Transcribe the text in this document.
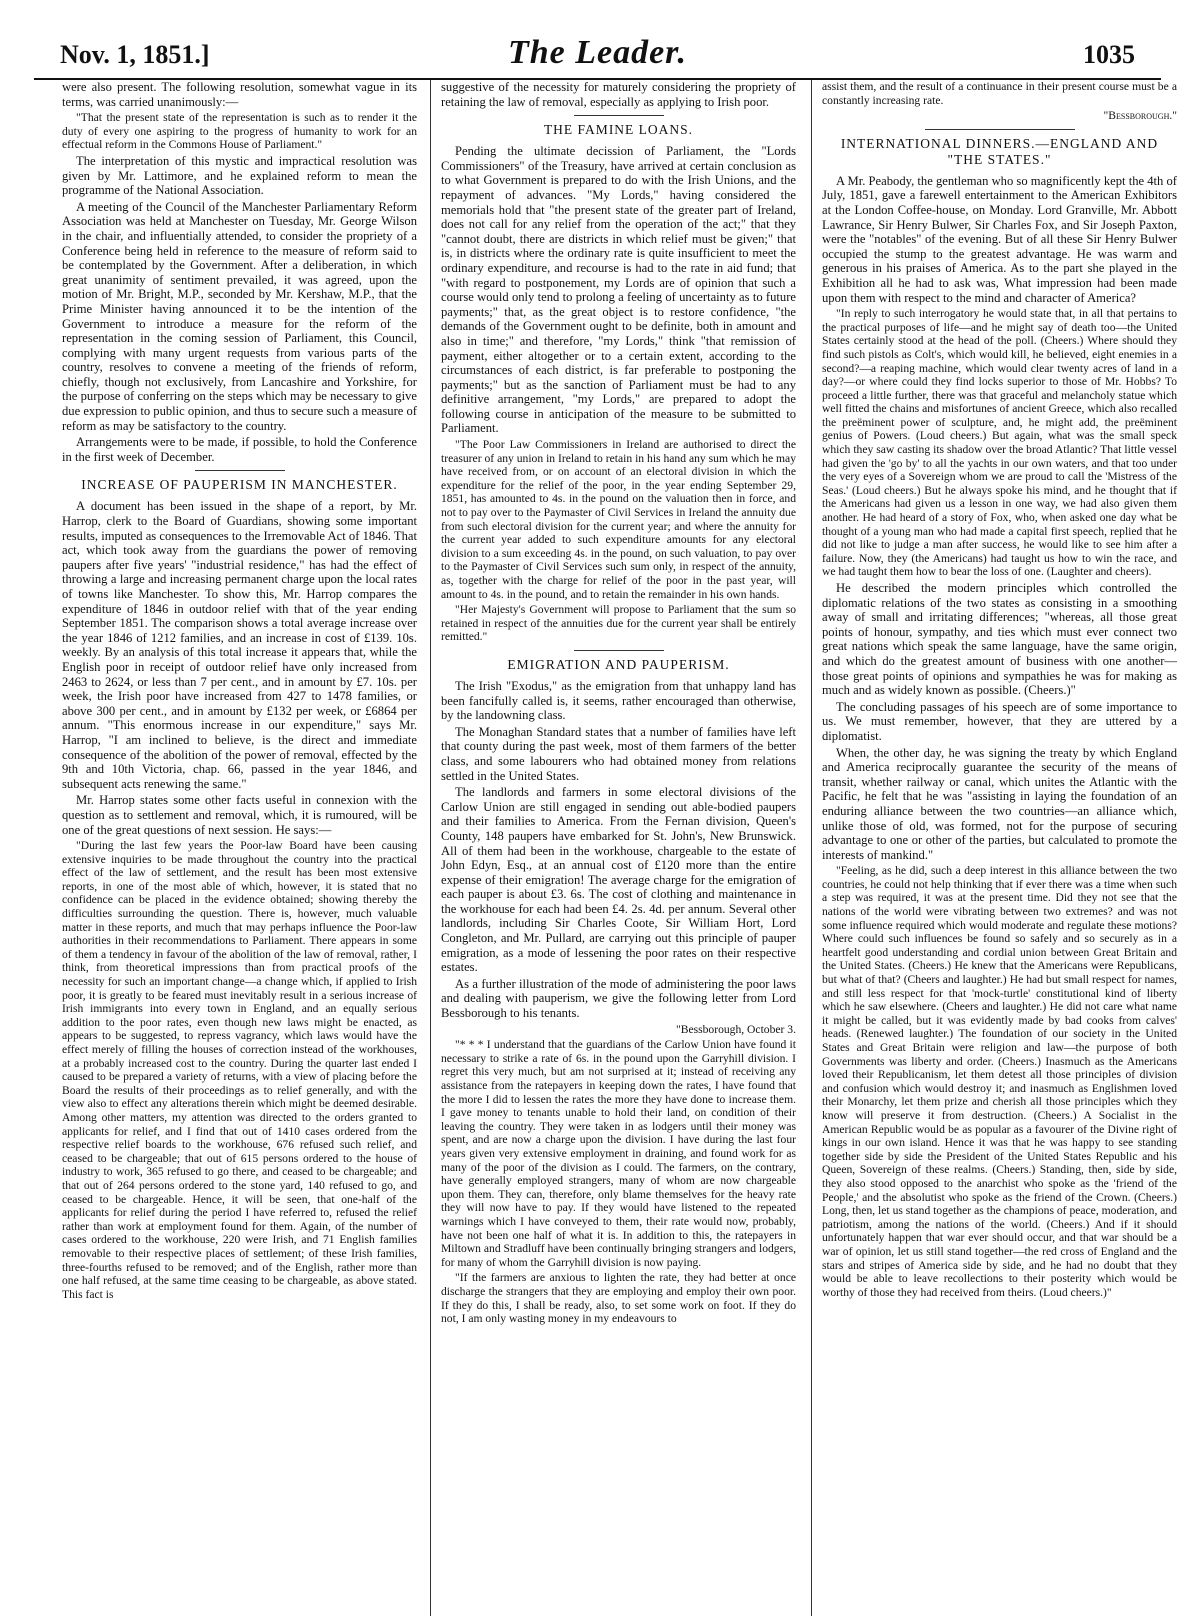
Nov. 1, 1851.]	The Leader.	1035

were also present. The following resolution, somewhat vague in its terms, was carried unanimously:—

"That the present state of the representation is such as to render it the duty of every one aspiring to the progress of humanity to work for an effectual reform in the Commons House of Parliament."

The interpretation of this mystic and impractical resolution was given by Mr. Lattimore, and he explained reform to mean the programme of the National Association.

A meeting of the Council of the Manchester Parliamentary Reform Association was held at Manchester on Tuesday, Mr. George Wilson in the chair, and influentially attended, to consider the propriety of a Conference being held in reference to the measure of reform said to be contemplated by the Government. After a deliberation, in which great unanimity of sentiment prevailed, it was agreed, upon the motion of Mr. Bright, M.P., seconded by Mr. Kershaw, M.P., that the Prime Minister having announced it to be the intention of the Government to introduce a measure for the reform of the representation in the coming session of Parliament, this Council, complying with many urgent requests from various parts of the country, resolves to convene a meeting of the friends of reform, chiefly, though not exclusively, from Lancashire and Yorkshire, for the purpose of conferring on the steps which may be necessary to give due expression to public opinion, and thus to secure such a measure of reform as may be satisfactory to the country.

Arrangements were to be made, if possible, to hold the Conference in the first week of December.

INCREASE OF PAUPERISM IN MANCHESTER.

A document has been issued in the shape of a report, by Mr. Harrop, clerk to the Board of Guardians, showing some important results, imputed as consequences to the Irremovable Act of 1846. That act, which took away from the guardians the power of removing paupers after five years' "industrial residence," has had the effect of throwing a large and increasing permanent charge upon the local rates of towns like Manchester. To show this, Mr. Harrop compares the expenditure of 1846 in outdoor relief with that of the year ending September 1851. The comparison shows a total average increase over the year 1846 of 1212 families, and an increase in cost of £139. 10s. weekly. By an analysis of this total increase it appears that, while the English poor in receipt of outdoor relief have only increased from 2463 to 2624, or less than 7 per cent., and in amount by £7. 10s. per week, the Irish poor have increased from 427 to 1478 families, or above 300 per cent., and in amount by £132 per week, or £6864 per annum. "This enormous increase in our expenditure," says Mr. Harrop, "I am inclined to believe, is the direct and immediate consequence of the abolition of the power of removal, effected by the 9th and 10th Victoria, chap. 66, passed in the year 1846, and subsequent acts renewing the same."

Mr. Harrop states some other facts useful in connexion with the question as to settlement and removal, which, it is rumoured, will be one of the great questions of next session. He says:—

"During the last few years the Poor-law Board have been causing extensive inquiries to be made throughout the country into the practical effect of the law of settlement, and the result has been most extensive reports, in one of the most able of which, however, it is stated that no confidence can be placed in the evidence obtained; showing thereby the difficulties surrounding the question. There is, however, much valuable matter in these reports, and much that may perhaps influence the Poor-law authorities in their recommendations to Parliament. There appears in some of them a tendency in favour of the abolition of the law of removal, rather, I think, from theoretical impressions than from practical proofs of the necessity for such an important change—a change which, if applied to Irish poor, it is greatly to be feared must inevitably result in a serious increase of Irish immigrants into every town in England, and an equally serious addition to the poor rates, even though new laws might be enacted, as appears to be suggested, to repress vagrancy, which laws would have the effect merely of filling the houses of correction instead of the workhouses, at a probably increased cost to the country. During the quarter last ended I caused to be prepared a variety of returns, with a view of placing before the Board the results of their proceedings as to relief generally, and with the view also to effect any alterations therein which might be deemed desirable. Among other matters, my attention was directed to the orders granted to applicants for relief, and I find that out of 1410 cases ordered from the respective relief boards to the workhouse, 676 refused such relief, and ceased to be chargeable; that out of 615 persons ordered to the house of industry to work, 365 refused to go there, and ceased to be chargeable; and that out of 264 persons ordered to the stone yard, 140 refused to go, and ceased to be chargeable. Hence, it will be seen, that one-half of the applicants for relief during the period I have referred to, refused the relief rather than work at employment found for them. Again, of the number of cases ordered to the workhouse, 220 were Irish, and 71 English families removable to their respective places of settlement; of these Irish families, three-fourths refused to be removed; and of the English, rather more than one half refused, at the same time ceasing to be chargeable, as above stated. This fact is

suggestive of the necessity for maturely considering the propriety of retaining the law of removal, especially as applying to Irish poor.

THE FAMINE LOANS.

Pending the ultimate decission of Parliament, the "Lords Commissioners" of the Treasury, have arrived at certain conclusion as to what Government is prepared to do with the Irish Unions, and the repayment of advances. "My Lords," having considered the memorials hold that "the present state of the greater part of Ireland, does not call for any relief from the operation of the act;" that they "cannot doubt, there are districts in which relief must be given;" that is, in districts where the ordinary rate is quite insufficient to meet the ordinary expenditure, and recourse is had to the rate in aid fund; that "with regard to postponement, my Lords are of opinion that such a course would only tend to prolong a feeling of uncertainty as to future payments;" that, as the great object is to restore confidence, "the demands of the Government ought to be definite, both in amount and also in time;" and therefore, "my Lords," think "that remission of payment, either altogether or to a certain extent, according to the circumstances of each district, is far preferable to postponing the payments;" but as the sanction of Parliament must be had to any definitive arrangement, "my Lords," are prepared to adopt the following course in anticipation of the measure to be submitted to Parliament.

"The Poor Law Commissioners in Ireland are authorised to direct the treasurer of any union in Ireland to retain in his hand any sum which he may have received from, or on account of an electoral division in which the expenditure for the relief of the poor, in the year ending September 29, 1851, has amounted to 4s. in the pound on the valuation then in force, and not to pay over to the Paymaster of Civil Services in Ireland the annuity due from such electoral division for the current year; and where the annuity for the current year added to such expenditure amounts for any electoral division to a sum exceeding 4s. in the pound, on such valuation, to pay over to the Paymaster of Civil Services such sum only, in respect of the annuity, as, together with the charge for relief of the poor in the past year, will amount to 4s. in the pound, and to retain the remainder in his own hands.

"Her Majesty's Government will propose to Parliament that the sum so retained in respect of the annuities due for the current year shall be entirely remitted."

EMIGRATION AND PAUPERISM.

The Irish "Exodus," as the emigration from that unhappy land has been fancifully called is, it seems, rather encouraged than otherwise, by the landowning class.

The Monaghan Standard states that a number of families have left that county during the past week, most of them farmers of the better class, and some labourers who had obtained money from relations settled in the United States.

The landlords and farmers in some electoral divisions of the Carlow Union are still engaged in sending out able-bodied paupers and their families to America. From the Fernan division, Queen's County, 148 paupers have embarked for St. John's, New Brunswick. All of them had been in the workhouse, chargeable to the estate of John Edyn, Esq., at an annual cost of £120 more than the entire expense of their emigration! The average charge for the emigration of each pauper is about £3. 6s. The cost of clothing and maintenance in the workhouse for each had been £4. 2s. 4d. per annum. Several other landlords, including Sir Charles Coote, Sir William Hort, Lord Congleton, and Mr. Pullard, are carrying out this principle of pauper emigration, as a mode of lessening the poor rates on their respective estates.

As a further illustration of the mode of administering the poor laws and dealing with pauperism, we give the following letter from Lord Bessborough to his tenants.

"Bessborough, October 3.

"* * * I understand that the guardians of the Carlow Union have found it necessary to strike a rate of 6s. in the pound upon the Garryhill division. I regret this very much, but am not surprised at it; instead of receiving any assistance from the ratepayers in keeping down the rates, I have found that the more I did to lessen the rates the more they have done to increase them. I gave money to tenants unable to hold their land, on condition of their leaving the country. They were taken in as lodgers until their money was spent, and are now a charge upon the division. I have during the last four years given very extensive employment in draining, and found work for as many of the poor of the division as I could. The farmers, on the contrary, have generally employed strangers, many of whom are now chargeable upon them. They can, therefore, only blame themselves for the heavy rate they will now have to pay. If they would have listened to the repeated warnings which I have conveyed to them, their rate would now, probably, have not been one half of what it is. In addition to this, the ratepayers in Miltown and Stradluff have been continually bringing strangers and lodgers, for many of whom the Garryhill division is now paying.

"If the farmers are anxious to lighten the rate, they had better at once discharge the strangers that they are employing and employ their own poor. If they do this, I shall be ready, also, to set some work on foot. If they do not, I am only wasting money in my endeavours to

assist them, and the result of a continuance in their present course must be a constantly increasing rate.

"Bessborough."

INTERNATIONAL DINNERS.—ENGLAND AND "THE STATES."

A Mr. Peabody, the gentleman who so magnificently kept the 4th of July, 1851, gave a farewell entertainment to the American Exhibitors at the London Coffee-house, on Monday. Lord Granville, Mr. Abbott Lawrance, Sir Henry Bulwer, Sir Charles Fox, and Sir Joseph Paxton, were the "notables" of the evening. But of all these Sir Henry Bulwer occupied the stump to the greatest advantage. He was warm and generous in his praises of America. As to the part she played in the Exhibition all he had to ask was, What impression had been made upon them with respect to the mind and character of America?

"In reply to such interrogatory he would state that, in all that pertains to the practical purposes of life—and he might say of death too—the United States certainly stood at the head of the poll. (Cheers.) Where should they find such pistols as Colt's, which would kill, he believed, eight enemies in a second?—a reaping machine, which would clear twenty acres of land in a day?—or where could they find locks superior to those of Mr. Hobbs? To proceed a little further, there was that graceful and melancholy statue which well fitted the chains and misfortunes of ancient Greece, which also recalled the preëminent power of sculpture, and, he might add, the preëminent genius of Powers. (Loud cheers.) But again, what was the small speck which they saw casting its shadow over the broad Atlantic? That little vessel had given the 'go by' to all the yachts in our own waters, and that too under the very eyes of a Sovereign whom we are proud to call the 'Mistress of the Seas.' (Loud cheers.) But he always spoke his mind, and he thought that if the Americans had given us a lesson in one way, we had also given them another. He had heard of a story of Fox, who, when asked one day what be thought of a young man who had made a capital first speech, replied that he did not like to judge a man after success, he would like to see him after a failure. Now, they (the Americans) had taught us how to win the race, and we had taught them how to bear the loss of one. (Laughter and cheers).

He described the modern principles which controlled the diplomatic relations of the two states as consisting in a smoothing away of small and irritating differences; "whereas, all those great points of honour, sympathy, and ties which must ever connect two great nations which speak the same language, have the same origin, and which do the greatest amount of business with one another—those great points of opinions and sympathies he was for making as much and as widely known as possible. (Cheers.)"

The concluding passages of his speech are of some importance to us. We must remember, however, that they are uttered by a diplomatist.

When, the other day, he was signing the treaty by which England and America reciprocally guarantee the security of the means of transit, whether railway or canal, which unites the Atlantic with the Pacific, he felt that he was "assisting in laying the foundation of an enduring alliance between the two countries—an alliance which, unlike those of old, was formed, not for the purpose of securing advantage to one or other of the parties, but calculated to promote the interests of mankind."

"Feeling, as he did, such a deep interest in this alliance between the two countries, he could not help thinking that if ever there was a time when such a step was required, it was at the present time. Did they not see that the nations of the world were vibrating between two extremes? and was not some influence required which would moderate and regulate these motions? Where could such influences be found so safely and so securely as in a heartfelt good understanding and cordial union between Great Britain and the United States. (Cheers.) He knew that the Americans were Republicans, but what of that? (Cheers and laughter.) He had but small respect for names, and still less respect for that 'mock-turtle' constitutional kind of liberty which he saw elsewhere. (Cheers and laughter.) He did not care what name it might be called, but it was evidently made by bad cooks from calves' heads. (Renewed laughter.) The foundation of our society in the United States and Great Britain were religion and law—the purpose of both Governments was liberty and order. (Cheers.) Inasmuch as the Americans loved their Republicanism, let them detest all those principles of division and confusion which would destroy it; and inasmuch as Englishmen loved their Monarchy, let them prize and cherish all those principles which they know will preserve it from destruction. (Cheers.) A Socialist in the American Republic would be as popular as a favourer of the Divine right of kings in our own island. Hence it was that he was happy to see standing together side by side the President of the United States Republic and his Queen, Sovereign of these realms. (Cheers.) Standing, then, side by side, they also stood opposed to the anarchist who spoke as the 'friend of the People,' and the absolutist who spoke as the friend of the Crown. (Cheers.) Long, then, let us stand together as the champions of peace, moderation, and patriotism, among the nations of the world. (Cheers.) And if it should unfortunately happen that war ever should occur, and that war should be a war of opinion, let us still stand together—the red cross of England and the stars and stripes of America side by side, and he had no doubt that they would be able to leave recollections to their posterity which would be worthy of those they had received from theirs. (Loud cheers.)"
